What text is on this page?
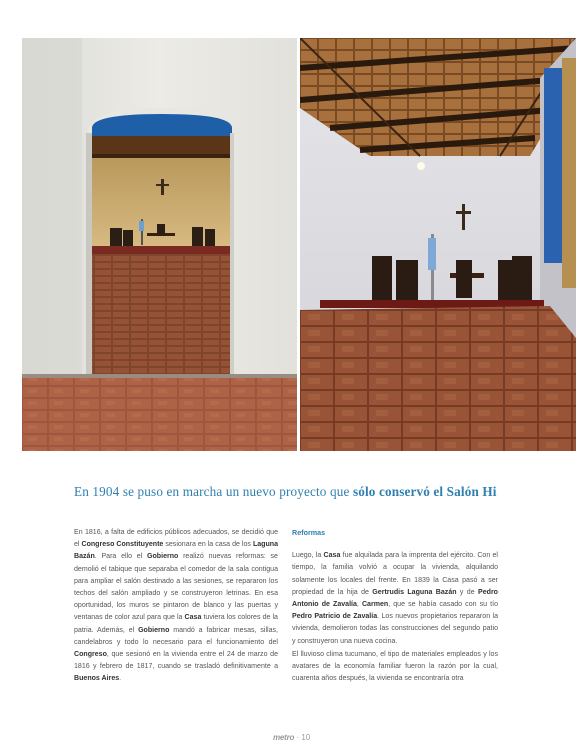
En 1904 se puso en marcha un nuevo proyecto que sólo conservó el Salón Hi

En 1816, a falta de edificios públicos adecuados, se decidió que el Congreso Constituyente sesionara en la casa de los Laguna Bazán. Para ello el Gobierno realizó nuevas reformas: se demolió el tabique que separaba el comedor de la sala contigua para ampliar el salón destinado a las sesiones, se repararon los techos del salón ampliado y se construyeron letrinas. En esa oportunidad, los muros se pintaron de blanco y las puertas y ventanas de color azul para que la Casa tuviera los colores de la patria. Además, el Gobierno mandó a fabricar mesas, sillas, candelabros y todo lo necesario para el funcionamiento del Congreso, que sesionó en la vivienda entre el 24 de marzo de 1816 y febrero de 1817, cuando se trasladó definitivamente a Buenos Aires.

Reformas

Luego, la Casa fue alquilada para la imprenta del ejército. Con el tiempo, la familia volvió a ocupar la vivienda, alquilando solamente los locales del frente. En 1839 la Casa pasó a ser propiedad de la hija de Gertrudis Laguna Bazán y de Pedro Antonio de Zavalía, Carmen, que se había casado con su tío Pedro Patricio de Zavalía. Los nuevos propietarios repararon la vivienda, demolieron todas las construcciones del segundo patio y construyeron una nueva cocina.

El lluvioso clima tucumano, el tipo de materiales empleados y los avatares de la economía familiar fueron la razón por la cual, cuarenta años después, la vivienda se encontraría otra

metro · 10
